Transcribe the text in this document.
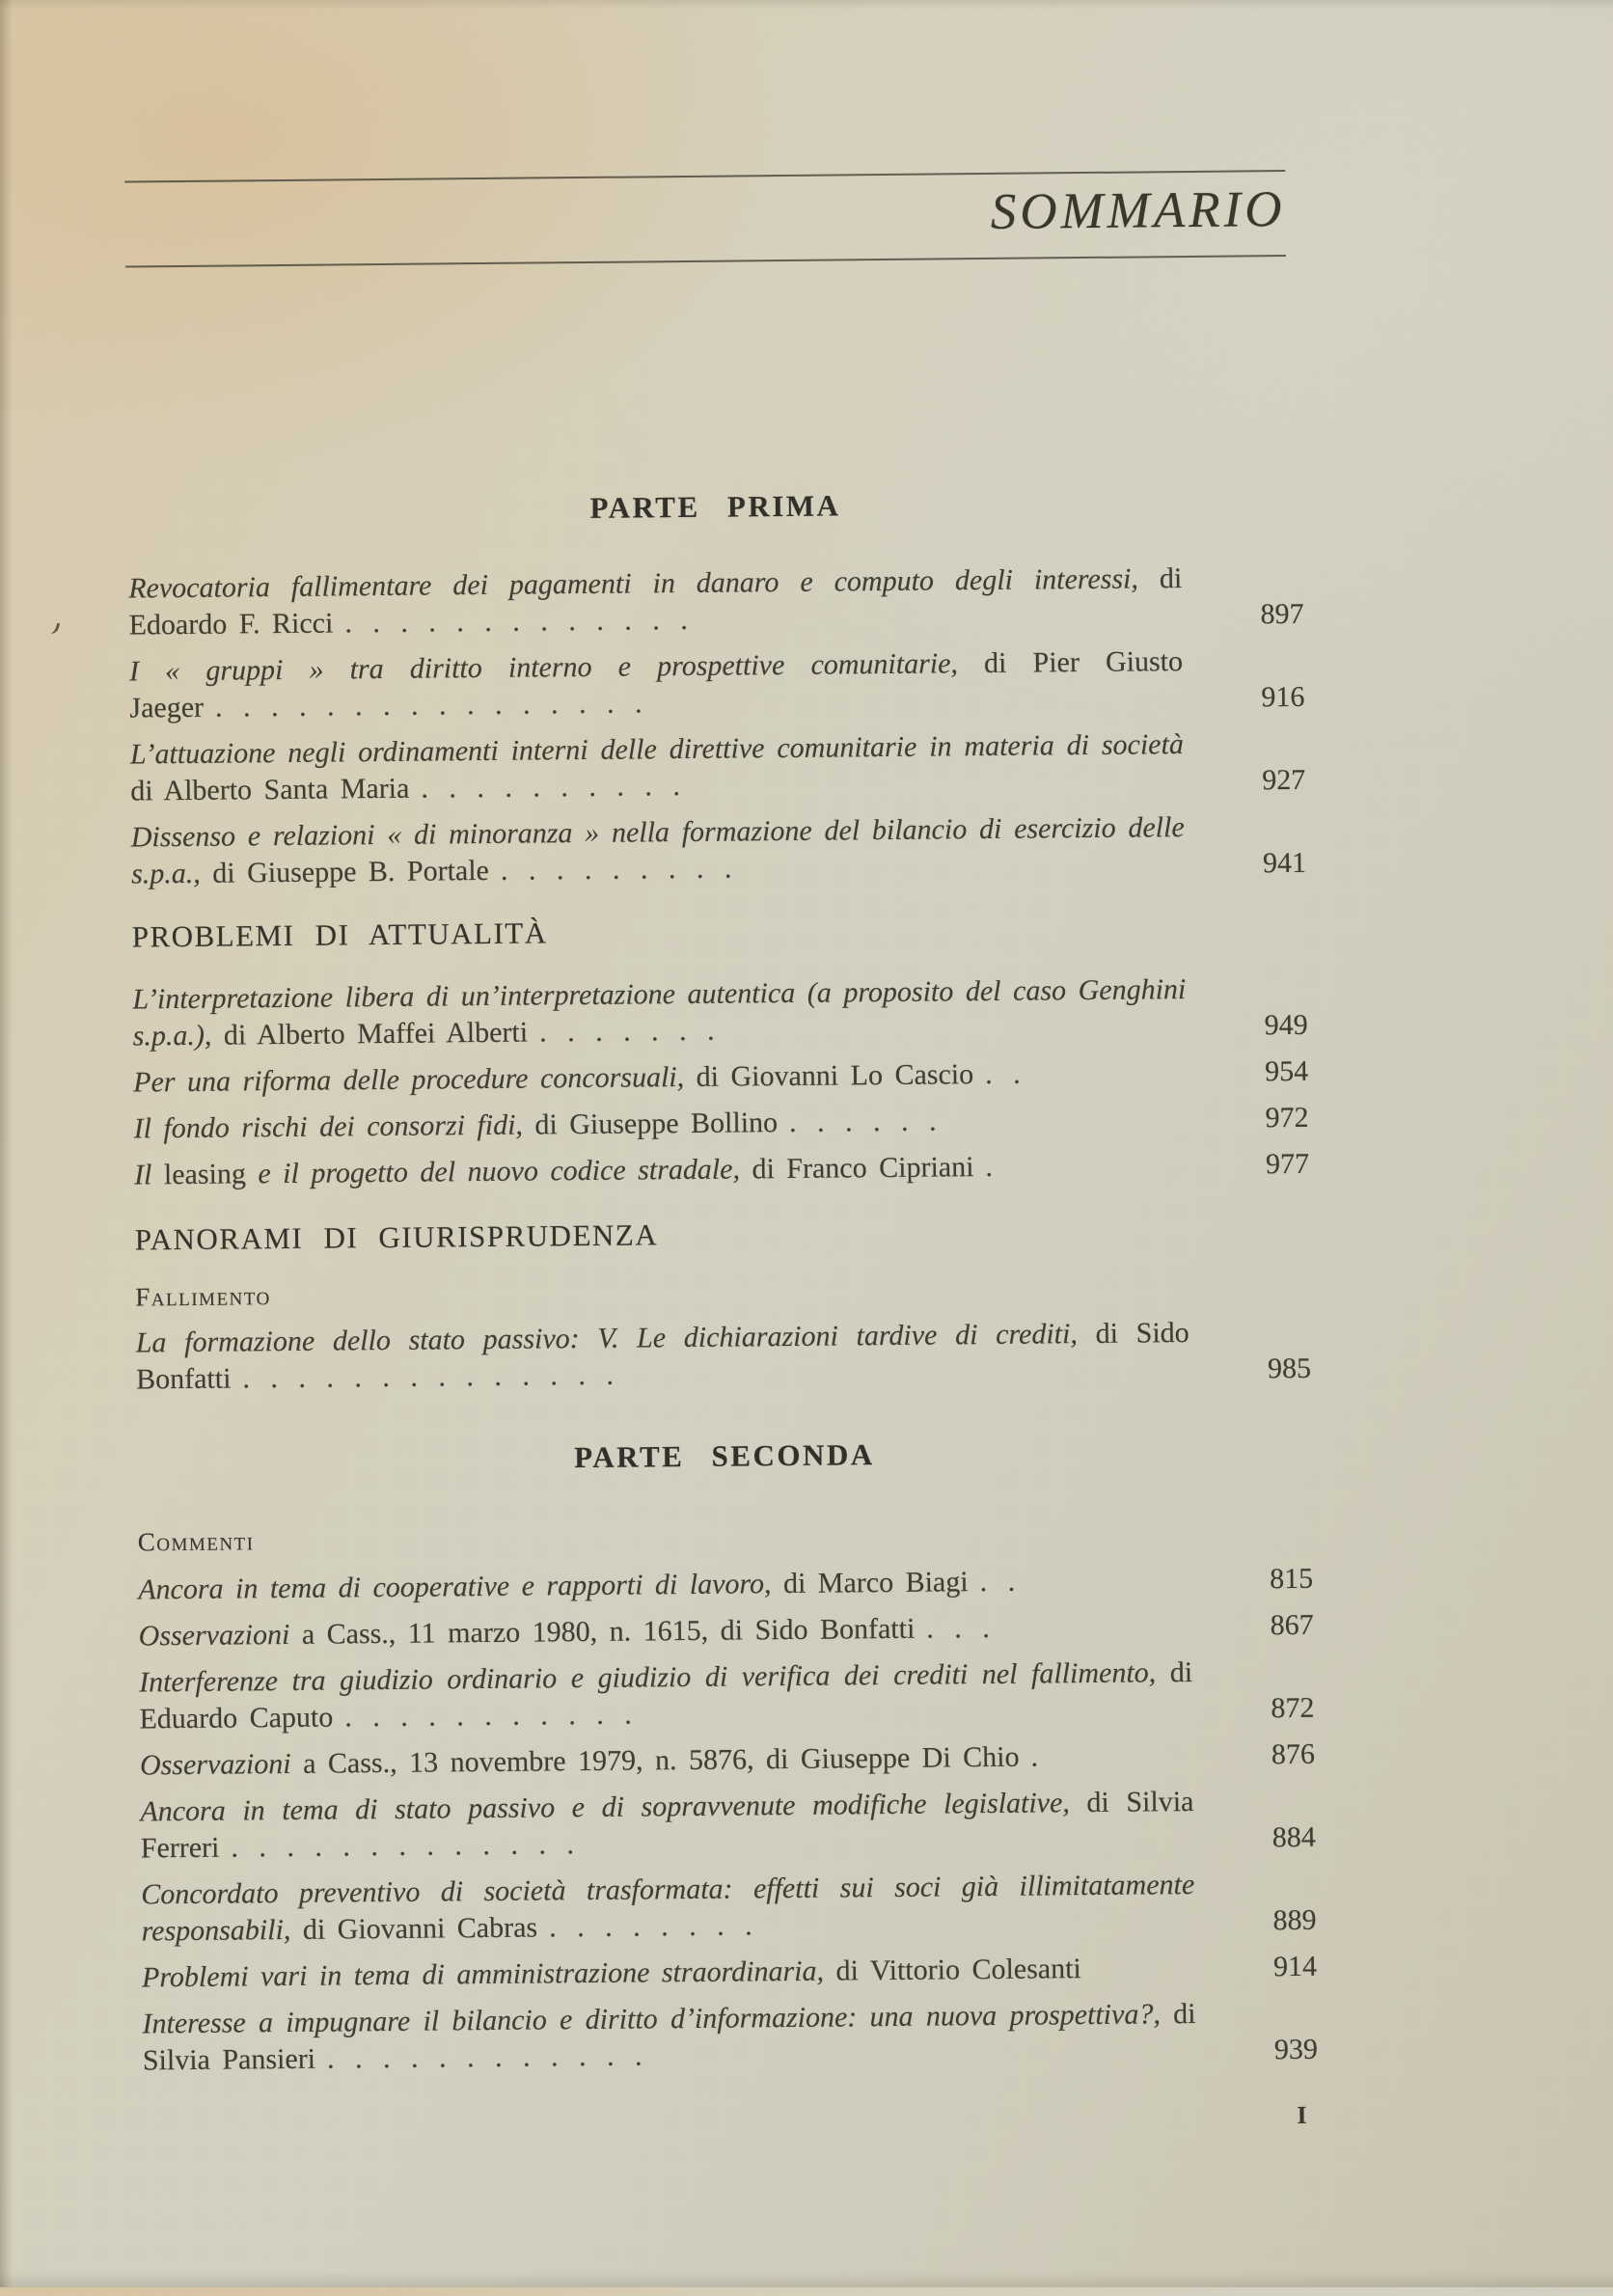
SOMMARIO
PARTE PRIMA
Revocatoria fallimentare dei pagamenti in danaro e computo degli interessi, di Edoardo F. Ricci . . . . . . . . . . . . .	897
I « gruppi » tra diritto interno e prospettive comunitarie, di Pier Giusto Jaeger . . . . . . . . . . . . . . . .	916
L’attuazione negli ordinamenti interni delle direttive comunitarie in materia di società di Alberto Santa Maria . . . . . . . . . .	927
Dissenso e relazioni « di minoranza » nella formazione del bilancio di esercizio delle s.p.a., di Giuseppe B. Portale . . . . . . . . .	941
PROBLEMI DI ATTUALITÀ
L’interpretazione libera di un’interpretazione autentica (a proposito del caso Genghini s.p.a.), di Alberto Maffei Alberti . . . . . . .	949
Per una riforma delle procedure concorsuali, di Giovanni Lo Cascio . .	954
Il fondo rischi dei consorzi fidi, di Giuseppe Bollino . . . . . .	972
Il leasing e il progetto del nuovo codice stradale, di Franco Cipriani .	977
PANORAMI DI GIURISPRUDENZA
Fallimento
La formazione dello stato passivo: V. Le dichiarazioni tardive di crediti, di Sido Bonfatti . . . . . . . . . . . . . .	985
PARTE SECONDA
Commenti
Ancora in tema di cooperative e rapporti di lavoro, di Marco Biagi . .	815
Osservazioni a Cass., 11 marzo 1980, n. 1615, di Sido Bonfatti . . .	867
Interferenze tra giudizio ordinario e giudizio di verifica dei crediti nel fallimento, di Eduardo Caputo . . . . . . . . . . .	872
Osservazioni a Cass., 13 novembre 1979, n. 5876, di Giuseppe Di Chio .	876
Ancora in tema di stato passivo e di sopravvenute modifiche legislative, di Silvia Ferreri . . . . . . . . . . . . .	884
Concordato preventivo di società trasformata: effetti sui soci già illimitatamente responsabili, di Giovanni Cabras . . . . . . . .	889
Problemi vari in tema di amministrazione straordinaria, di Vittorio Colesanti	914
Interesse a impugnare il bilancio e diritto d’informazione: una nuova prospettiva?, di Silvia Pansieri . . . . . . . . . . . .	939
I
